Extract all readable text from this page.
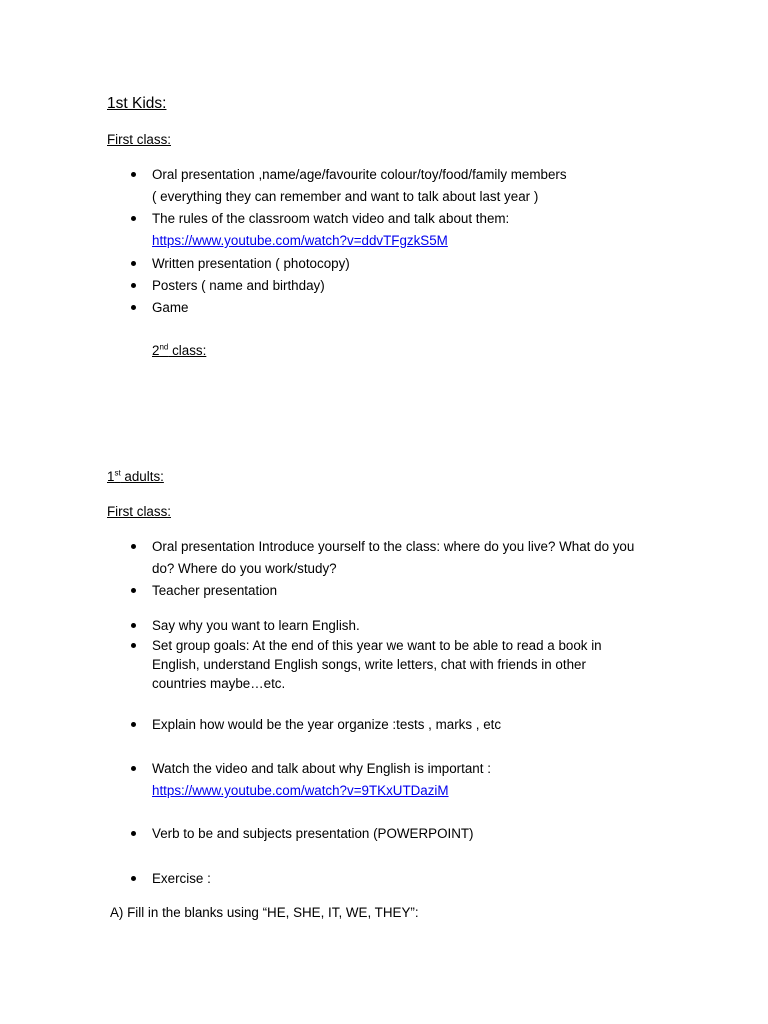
1st Kids:
First class:
Oral presentation ,name/age/favourite colour/toy/food/family members
( everything they can remember and want to talk about last year )
The rules of the classroom watch video and talk about them:
https://www.youtube.com/watch?v=ddvTFgzkS5M
Written presentation ( photocopy)
Posters ( name and birthday)
Game
2nd class:
1st adults:
First class:
Oral presentation Introduce yourself to the class: where do you live? What do you
do? Where do you work/study?
Teacher presentation
Say why you want to learn English.
Set group goals: At the end of this year we want to be able to read a book in
English, understand English songs, write letters, chat with friends in other
countries maybe…etc.
Explain how would be the year organize :tests , marks , etc
Watch the video and talk about why English is important :
https://www.youtube.com/watch?v=9TKxUTDaziM
Verb to be and subjects presentation (POWERPOINT)
Exercise :
A) Fill in the blanks using “HE, SHE, IT, WE, THEY”:
